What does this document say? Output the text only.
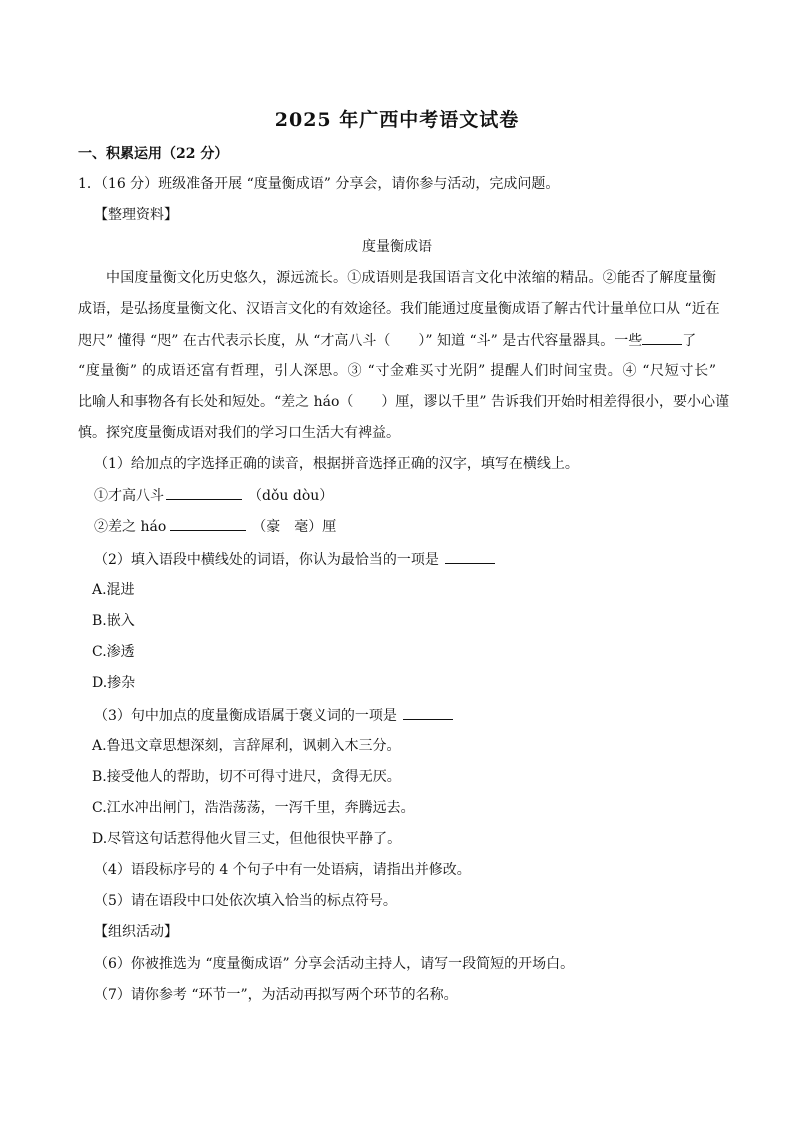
2025 年广西中考语文试卷
一、积累运用（22 分）
1．（16 分）班级准备开展 “度量衡成语” 分享会，请你参与活动，完成问题。
【整理资料】
度量衡成语
中国度量衡文化历史悠久，源远流长。①成语则是我国语言文化中浓缩的精品。②能否了解度量衡
成语，是弘扬度量衡文化、汉语言文化的有效途径。我们能通过度量衡成语了解古代计量单位口从 “近在
咫尺” 懂得 “咫” 在古代表示长度，从 “才高八斗（　　）” 知道 “斗” 是古代容量器具。一些	了
“度量衡” 的成语还富有哲理，引人深思。③ “寸金难买寸光阴” 提醒人们时间宝贵。④ “尺短寸长”
比喻人和事物各有长处和短处。“差之 háo（　　）厘，谬以千里” 告诉我们开始时相差得很小，要小心谨
慎。探究度量衡成语对我们的学习口生活大有裨益。
（1）给加点的字选择正确的读音，根据拼音选择正确的汉字，填写在横线上。
①才高八斗	（dǒu dòu）
②差之 háo	（豪　毫）厘
（2）填入语段中横线处的词语，你认为最恰当的一项是
A.混进
B.嵌入
C.渗透
D.掺杂
（3）句中加点的度量衡成语属于褒义词的一项是
A.鲁迅文章思想深刻，言辞犀利，讽刺入木三分。
B.接受他人的帮助，切不可得寸进尺，贪得无厌。
C.江水冲出闸门，浩浩荡荡，一泻千里，奔腾远去。
D.尽管这句话惹得他火冒三丈，但他很快平静了。
（4）语段标序号的 4 个句子中有一处语病，请指出并修改。
（5）请在语段中口处依次填入恰当的标点符号。
【组织活动】
（6）你被推选为 “度量衡成语” 分享会活动主持人，请写一段简短的开场白。
（7）请你参考 “环节一”，为活动再拟写两个环节的名称。
